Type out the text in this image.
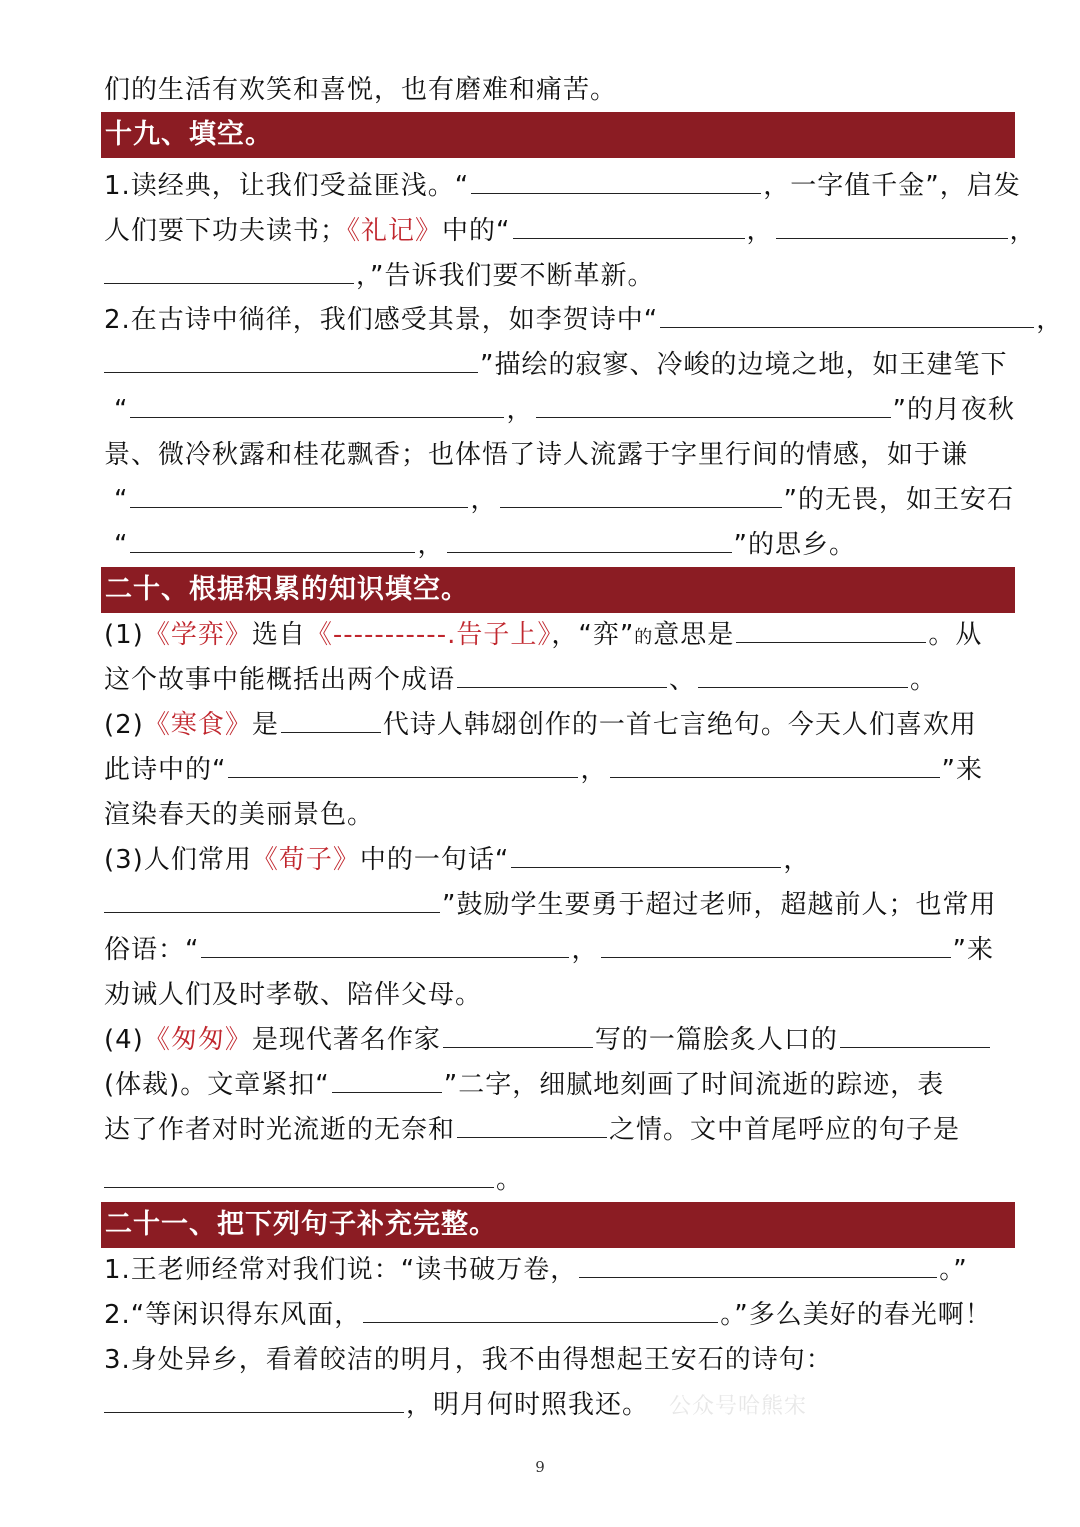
们的生活有欢笑和喜悦，也有磨难和痛苦。
十九、填空。
1.读经典，让我们受益匪浅。“	，一字值千金”，启发
人们要下功夫读书；《礼记》中的“	，	，
，”告诉我们要不断革新。
2.在古诗中徜徉，我们感受其景，如李贺诗中“	，
”描绘的寂寥、冷峻的边境之地，如王建笔下
“	，	”的月夜秋
景、微冷秋露和桂花飘香；也体悟了诗人流露于字里行间的情感，如于谦
“	，	”的无畏，如王安石
“	，	”的思乡。
二十、根据积累的知识填空。
(1)《学弈》选自《-----------.告子上》，“弈”的意思是	。从
这个故事中能概括出两个成语	、	。
(2)《寒食》是	代诗人韩翃创作的一首七言绝句。今天人们喜欢用
此诗中的“	，	”来
渲染春天的美丽景色。
(3)人们常用《荀子》中的一句话“	，
”鼓励学生要勇于超过老师，超越前人；也常用
俗语：“	，	”来
劝诫人们及时孝敬、陪伴父母。
(4)《匆匆》是现代著名作家	写的一篇脍炙人口的
(体裁)。文章紧扣“	”二字，细腻地刻画了时间流逝的踪迹，表
达了作者对时光流逝的无奈和	之情。文中首尾呼应的句子是
。
二十一、把下列句子补充完整。
1.王老师经常对我们说：“读书破万卷，	。”
2.“等闲识得东风面，	。”多么美好的春光啊！
3.身处异乡，看着皎洁的明月，我不由得想起王安石的诗句：
，明月何时照我还。 公众号哈熊宋
9
